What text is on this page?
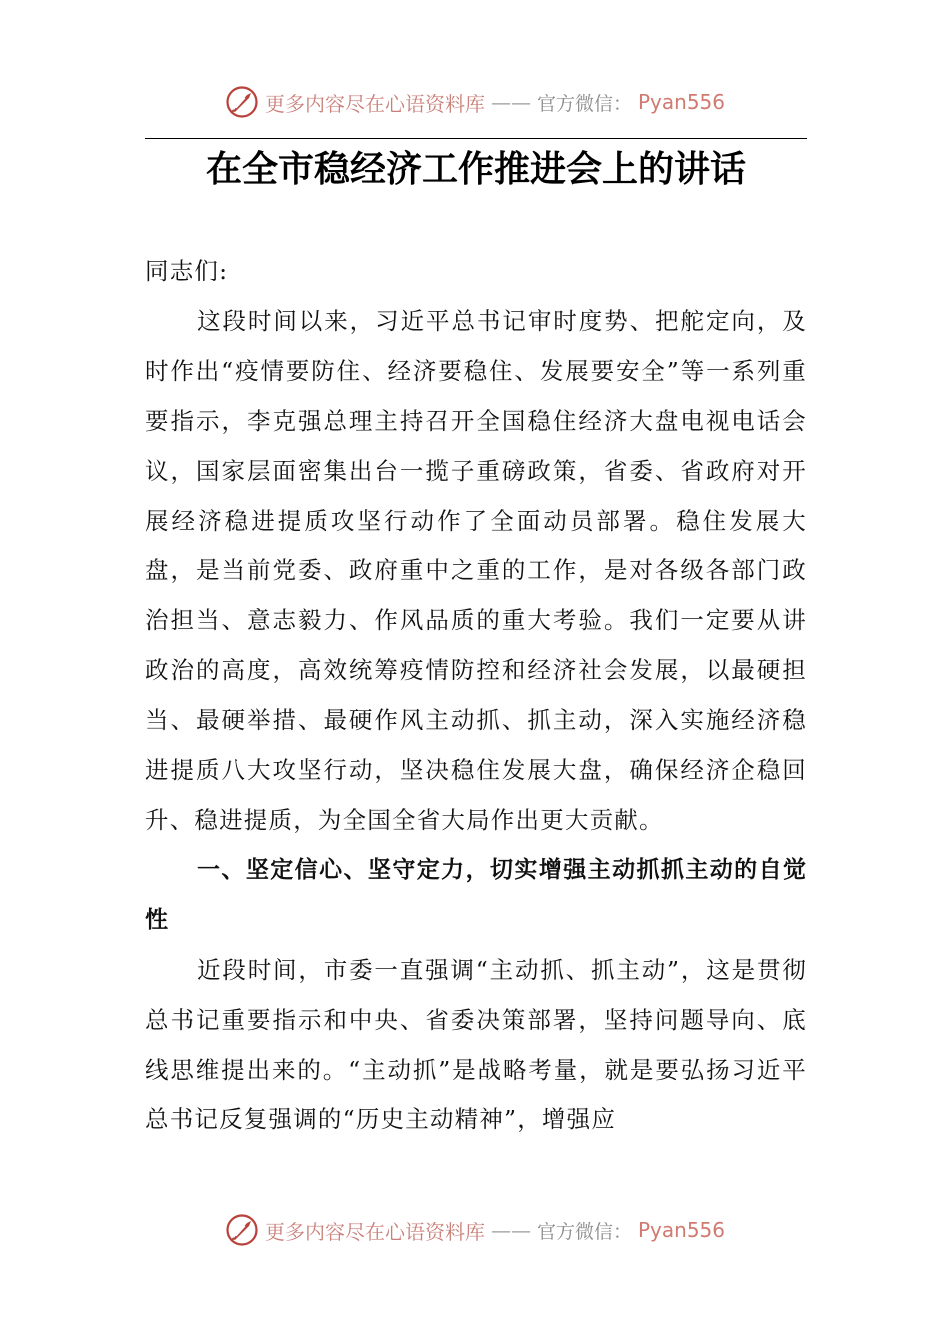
更多内容尽在心语资料库 —— 官方微信： Pyan556
在全市稳经济工作推进会上的讲话

同志们:

这段时间以来，习近平总书记审时度势、把舵定向，及时作出“疫情要防住、经济要稳住、发展要安全”等一系列重要指示，李克强总理主持召开全国稳住经济大盘电视电话会议，国家层面密集出台一揽子重磅政策，省委、省政府对开展经济稳进提质攻坚行动作了全面动员部署。稳住发展大盘，是当前党委、政府重中之重的工作，是对各级各部门政治担当、意志毅力、作风品质的重大考验。我们一定要从讲政治的高度，高效统筹疫情防控和经济社会发展，以最硬担当、最硬举措、最硬作风主动抓、抓主动，深入实施经济稳进提质八大攻坚行动，坚决稳住发展大盘，确保经济企稳回升、稳进提质，为全国全省大局作出更大贡献。

一、坚定信心、坚守定力，切实增强主动抓抓主动的自觉性

近段时间，市委一直强调“主动抓、抓主动”，这是贯彻总书记重要指示和中央、省委决策部署，坚持问题导向、底线思维提出来的。“主动抓”是战略考量，就是要弘扬习近平总书记反复强调的“历史主动精神”，增强应

更多内容尽在心语资料库 —— 官方微信： Pyan556
